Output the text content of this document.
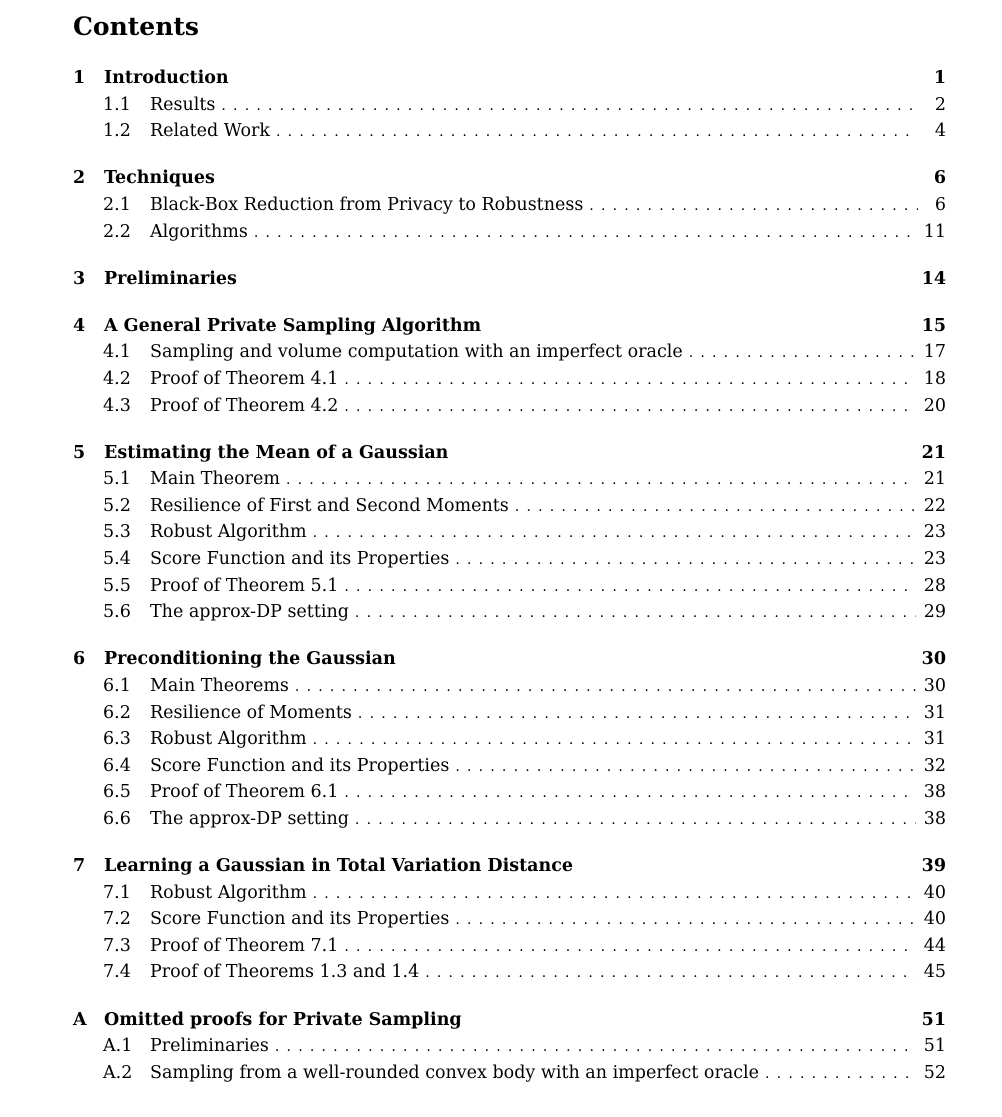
Contents
1	Introduction	1
1.1	Results .....	2
1.2	Related Work .....	4
2	Techniques	6
2.1	Black-Box Reduction from Privacy to Robustness .....	6
2.2	Algorithms .....	11
3	Preliminaries	14
4	A General Private Sampling Algorithm	15
4.1	Sampling and volume computation with an imperfect oracle .....	17
4.2	Proof of Theorem 4.1 .....	18
4.3	Proof of Theorem 4.2 .....	20
5	Estimating the Mean of a Gaussian	21
5.1	Main Theorem .....	21
5.2	Resilience of First and Second Moments .....	22
5.3	Robust Algorithm .....	23
5.4	Score Function and its Properties .....	23
5.5	Proof of Theorem 5.1 .....	28
5.6	The approx-DP setting .....	29
6	Preconditioning the Gaussian	30
6.1	Main Theorems .....	30
6.2	Resilience of Moments .....	31
6.3	Robust Algorithm .....	31
6.4	Score Function and its Properties .....	32
6.5	Proof of Theorem 6.1 .....	38
6.6	The approx-DP setting .....	38
7	Learning a Gaussian in Total Variation Distance	39
7.1	Robust Algorithm .....	40
7.2	Score Function and its Properties .....	40
7.3	Proof of Theorem 7.1 .....	44
7.4	Proof of Theorems 1.3 and 1.4 .....	45
A Omitted proofs for Private Sampling	51
A.1	Preliminaries .....	51
A.2	Sampling from a well-rounded convex body with an imperfect oracle .....	52
